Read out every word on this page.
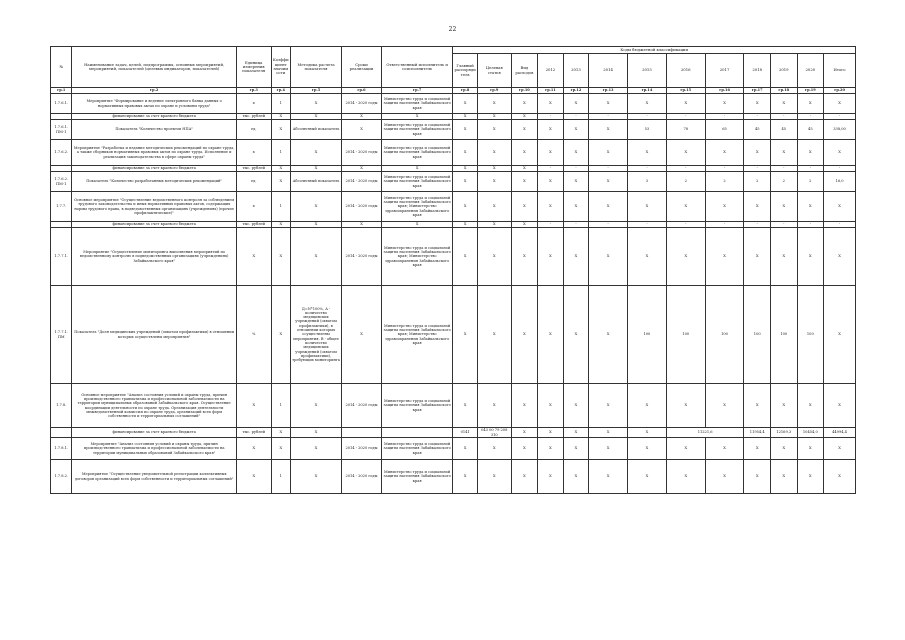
22
№	Наименование задач, целей, подпрограммы, основных мероприятий, мероприятий, показателей (целевых индикаторов, показателей)	Единица измерения показателя	Коэффициент значимости	Методика расчета показателя	Сроки реализации	Ответственный исполнитель и соисполнитель	Коды бюджетной классификации												
							Главный распорядитель	Целевая статья	Вид расходов	2012	2013	2014	2015	2016	2017	2018	2019	2020	Итого
гр.1	гр.2	гр.3	гр.4	гр.5	гр.6	гр.7	гр.8	гр.9	гр.10	гр.11	гр.12	гр.13	гр.14	гр.15	гр.16	гр.17	гр.18	гр.19	гр.20
1.7.6.1.	Мероприятие "Формирование и ведение электронного банка данных о нормативных правовых актах по охране и условиям труда"	х	1	Х	2014 - 2020 годы	Министерство труда и социальной защиты населения Забайкальского края	Х	Х	Х	Х	Х	Х	Х	Х	Х	Х	Х	Х	Х
	финансирование за счет краевого бюджета	тыс. рублей	Х	Х	Х	Х	Х	Х	Х	-	-	-	-	-	-	-	-	-	-
1.7.6.1. ПМ-1	Показатель "Количество проектов НПА"	ед.	Х	Абсолютный показатель	Х	Министерство труда и социальной защиты населения Забайкальского края	Х	Х	Х	Х	Х	Х	53	78	65	45	45	45	338,00
1.7.6.2.	Мероприятие "Разработка и издание методических рекомендаций по охране труда, а также сборников нормативных правовых актов по охране труда. Исполнение и реализация законодательства в сфере охраны труда"	х	1	Х	2014 - 2020 годы	Министерство труда и социальной защиты населения Забайкальского края	Х	Х	Х	Х	Х	Х	Х	Х	Х	Х	Х	Х	Х
	финансирование за счет краевого бюджета	тыс. рублей	Х	Х	Х	Х	Х	Х	Х	-	-	-	-	-	-	-	-	-	-
1.7.6.2. ПМ-1	Показатель "Количество разработанных методических рекомендаций"	ед.	Х	Абсолютный показатель	2014 - 2020 годы	Министерство труда и социальной защиты населения Забайкальского края	Х	Х	Х	Х	Х	Х	3	2	2	2	2	2	16,0
1.7.7.	Основное мероприятие "Осуществление ведомственного контроля за соблюдением трудового законодательства и иных нормативных правовых актов, содержащих нормы трудового права, в подведомственных организациях (учреждениях) (прочие профилактические)"	х	1	Х	2014 - 2020 годы	Министерство труда и социальной защиты населения Забайкальского края; Министерство здравоохранения Забайкальского края	Х	Х	Х	Х	Х	Х	Х	Х	Х	Х	Х	Х	Х
	финансирование за счет краевого бюджета	тыс. рублей	Х	Х	Х	Х	Х	Х	Х	-	-	-	-	-	-	-	-	-	-
1.7.7.1.	Мероприятие "Осуществление мониторинга выполнения мероприятий по ведомственному контролю в подведомственных организациях (учреждениях) Забайкальского края"	Х	Х	Х	2014 - 2020 годы	Министерство труда и социальной защиты населения Забайкальского края; Министерство здравоохранения Забайкальского края	Х	Х	Х	Х	Х	Х	Х	Х	Х	Х	Х	Х	Х
1.7.7.1. ПМ	Показатель "Доля медицинских учреждений (охватом профилактики) в отношении которых осуществлены мероприятия"	%	Х	Д=N*100%, A - количество медицинских учреждений (охватом профилактики), в отношении которых осуществлены мероприятия, В - общее количество медицинских учреждений (охватом профилактики), требующих мониторинга	Х	Министерство труда и социальной защиты населения Забайкальского края; Министерство здравоохранения Забайкальского края	Х	Х	Х	Х	Х	Х	100	100	100	100	100	100	Х
1.7.8.	Основное мероприятие "Анализ состояния условий и охраны труда, причин производственного травматизма и профессиональной заболеваемости на территории муниципальных образований Забайкальского края. Осуществление координации деятельности по охране труда. Организация деятельности межведомственной комиссии по охране труда, организаций всех форм собственности и территориальных соглашений"	Х	1	Х	2014 - 2020 годы	Министерство труда и социальной защиты населения Забайкальского края	Х	Х	Х	Х	Х	Х	Х	Х	Х	Х	Х	Х	Х
	финансирование за счет краевого бюджета	тыс. рублей	Х	Х			0141	043 00 79 208 310	Х	Х	Х	Х	Х	11221,6		11954,4	12169,3	10454,0	44994,4
1.7.8.1.	Мероприятие "Анализ состояния условий и охраны труда, причин производственного травматизма и профессиональной заболеваемости на территории муниципальных образований Забайкальского края"	Х	Х	Х	2014 - 2020 годы	Министерство труда и социальной защиты населения Забайкальского края	Х	Х	Х	Х	Х	Х	Х	Х	Х	Х	Х	Х	Х
1.7.8.2.	Мероприятие "Осуществление уведомительной регистрации коллективных договоров организаций всех форм собственности и территориальных соглашений"	Х	1	Х	2014 - 2020 годы	Министерство труда и социальной защиты населения Забайкальского края	Х	Х	Х	Х	Х	Х	Х	Х	Х	Х	Х	Х	Х
